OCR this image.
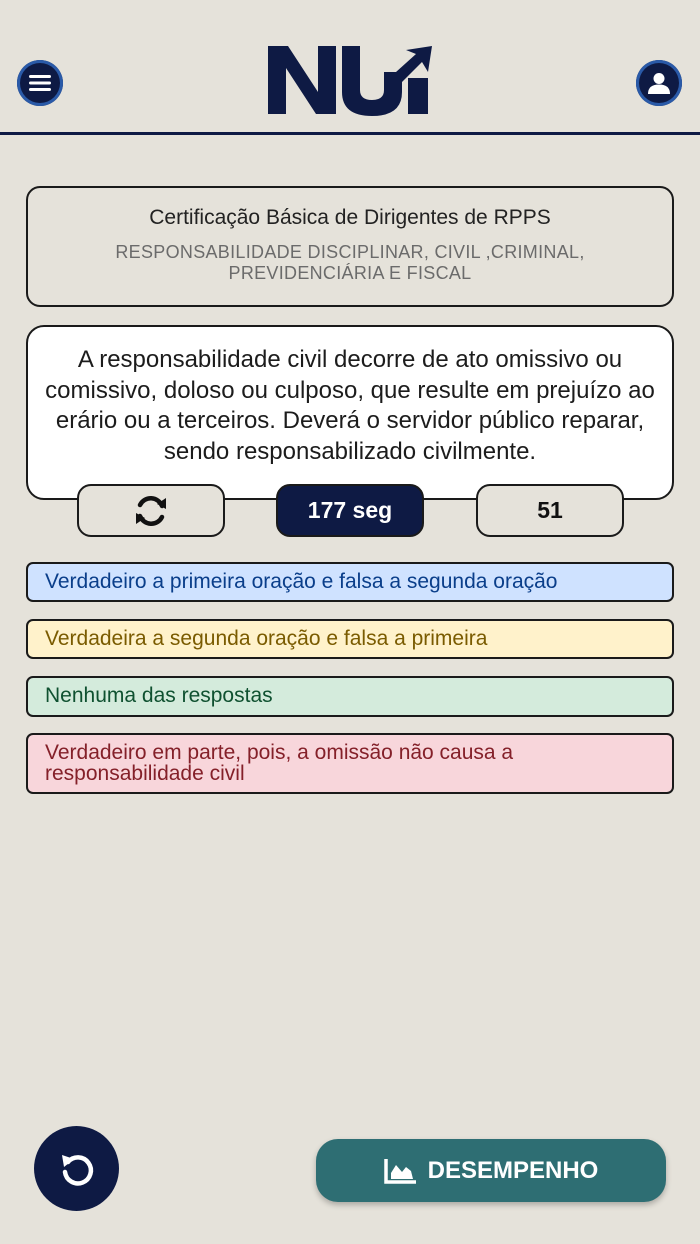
Certificação Básica de Dirigentes de RPPS
RESPONSABILIDADE DISCIPLINAR, CIVIL ,CRIMINAL,
PREVIDENCIÁRIA E FISCAL
A responsabilidade civil decorre de ato omissivo ou comissivo, doloso ou culposo, que resulte em prejuízo ao erário ou a terceiros. Deverá o servidor público reparar, sendo responsabilizado civilmente.
177 seg	51
Verdadeiro a primeira oração e falsa a segunda oração
Verdadeira a segunda oração e falsa a primeira
Nenhuma das respostas
Verdadeiro em parte, pois, a omissão não causa a responsabilidade civil
DESEMPENHO
